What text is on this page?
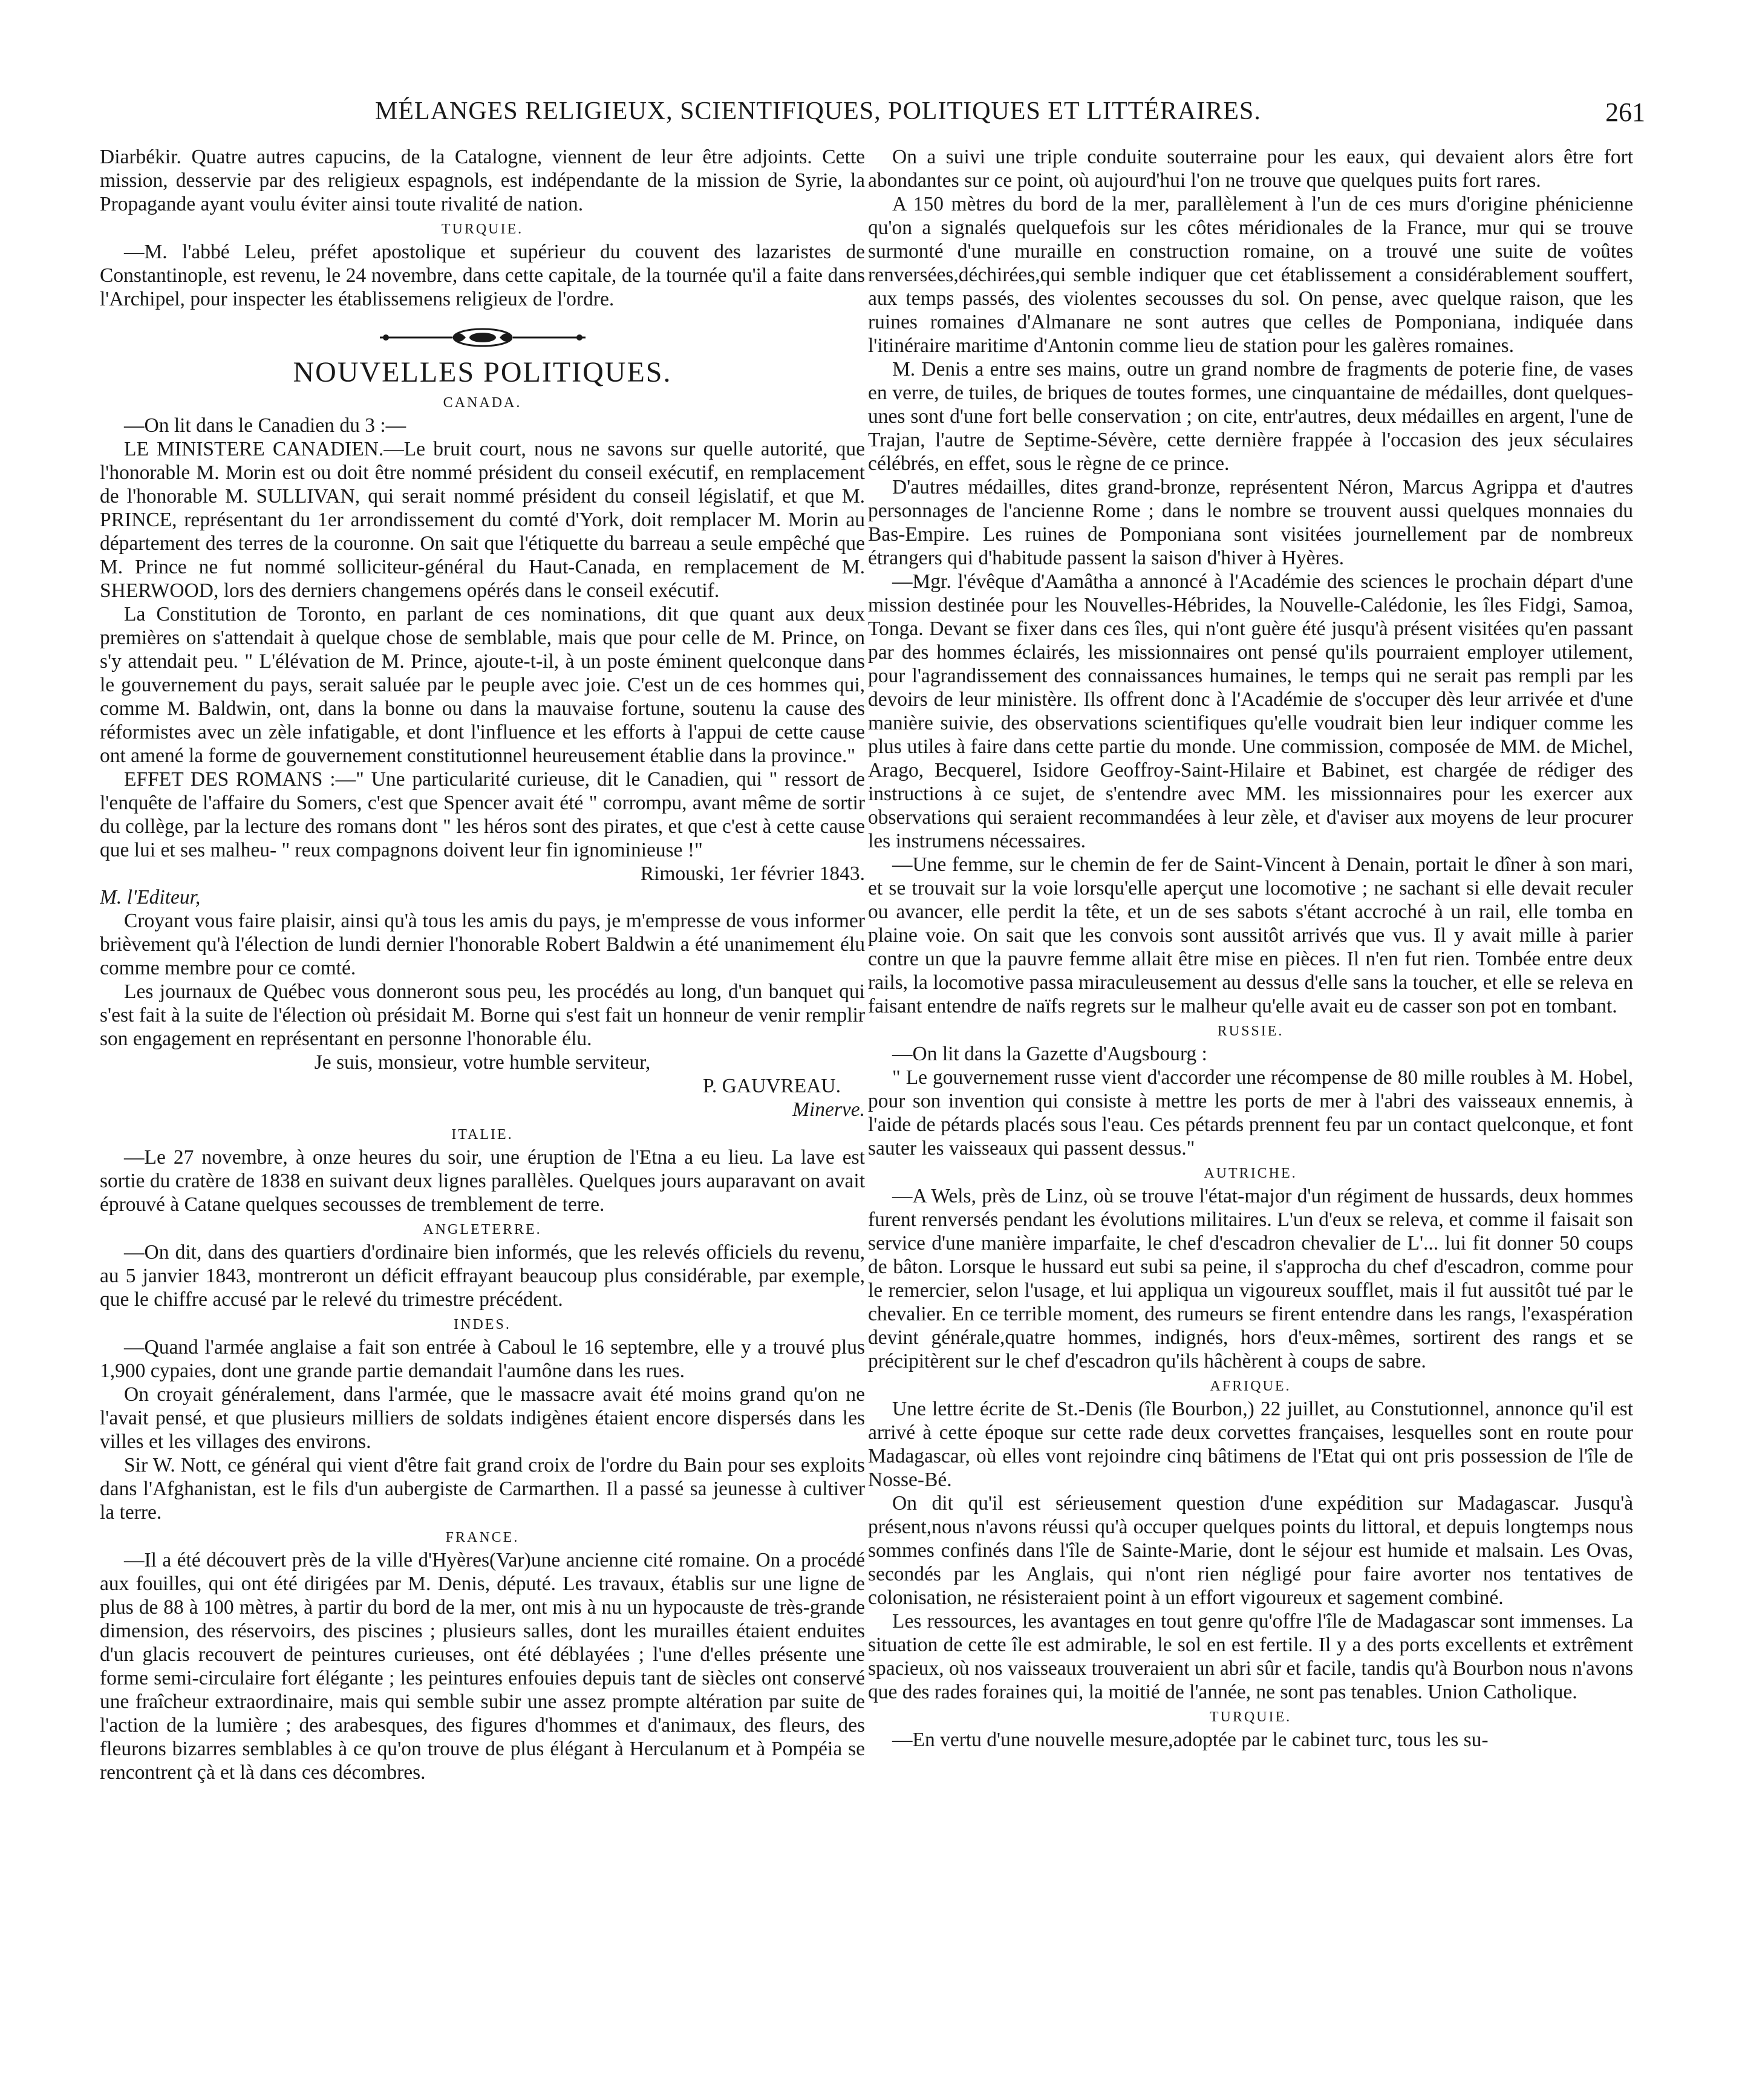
MÉLANGES RELIGIEUX, SCIENTIFIQUES, POLITIQUES ET LITTÉRAIRES.	261

Diarbékir. Quatre autres capucins, de la Catalogne, viennent de leur être adjoints. Cette mission, desservie par des religieux espagnols, est indépendante de la mission de Syrie, la Propagande ayant voulu éviter ainsi toute rivalité de nation.

TURQUIE.

—M. l'abbé Leleu, préfet apostolique et supérieur du couvent des lazaristes de Constantinople, est revenu, le 24 novembre, dans cette capitale, de la tournée qu'il a faite dans l'Archipel, pour inspecter les établissemens religieux de l'ordre.

NOUVELLES POLITIQUES.
CANADA.

—On lit dans le Canadien du 3 :—

LE MINISTERE CANADIEN.—Le bruit court, nous ne savons sur quelle autorité, que l'honorable M. Morin est ou doit être nommé président du conseil exécutif, en remplacement de l'honorable M. SULLIVAN, qui serait nommé président du conseil législatif, et que M. PRINCE, représentant du 1er arrondissement du comté d'York, doit remplacer M. Morin au département des terres de la couronne. On sait que l'étiquette du barreau a seule empêché que M. Prince ne fut nommé solliciteur-général du Haut-Canada, en remplacement de M. SHERWOOD, lors des derniers changemens opérés dans le conseil exécutif.

La Constitution de Toronto, en parlant de ces nominations, dit que quant aux deux premières on s'attendait à quelque chose de semblable, mais que pour celle de M. Prince, on s'y attendait peu. " L'élévation de M. Prince, ajoute-t-il, à un poste éminent quelconque dans le gouvernement du pays, serait saluée par le peuple avec joie. C'est un de ces hommes qui, comme M. Baldwin, ont, dans la bonne ou dans la mauvaise fortune, soutenu la cause des réformistes avec un zèle infatigable, et dont l'influence et les efforts à l'appui de cette cause ont amené la forme de gouvernement constitutionnel heureusement établie dans la province."

EFFET DES ROMANS :—" Une particularité curieuse, dit le Canadien, qui " ressort de l'enquête de l'affaire du Somers, c'est que Spencer avait été " corrompu, avant même de sortir du collège, par la lecture des romans dont " les héros sont des pirates, et que c'est à cette cause que lui et ses malheu- " reux compagnons doivent leur fin ignominieuse !"

Rimouski, 1er février 1843.

M. l'Editeur,

Croyant vous faire plaisir, ainsi qu'à tous les amis du pays, je m'empresse de vous informer brièvement qu'à l'élection de lundi dernier l'honorable Robert Baldwin a été unanimement élu comme membre pour ce comté.

Les journaux de Québec vous donneront sous peu, les procédés au long, d'un banquet qui s'est fait à la suite de l'élection où présidait M. Borne qui s'est fait un honneur de venir remplir son engagement en représentant en personne l'honorable élu.

Je suis, monsieur, votre humble serviteur,

P. GAUVREAU.

Minerve.

ITALIE.

—Le 27 novembre, à onze heures du soir, une éruption de l'Etna a eu lieu. La lave est sortie du cratère de 1838 en suivant deux lignes parallèles. Quelques jours auparavant on avait éprouvé à Catane quelques secousses de tremblement de terre.

ANGLETERRE.

—On dit, dans des quartiers d'ordinaire bien informés, que les relevés officiels du revenu, au 5 janvier 1843, montreront un déficit effrayant beaucoup plus considérable, par exemple, que le chiffre accusé par le relevé du trimestre précédent.

INDES.

—Quand l'armée anglaise a fait son entrée à Caboul le 16 septembre, elle y a trouvé plus 1,900 cypaies, dont une grande partie demandait l'aumône dans les rues.

On croyait généralement, dans l'armée, que le massacre avait été moins grand qu'on ne l'avait pensé, et que plusieurs milliers de soldats indigènes étaient encore dispersés dans les villes et les villages des environs.

Sir W. Nott, ce général qui vient d'être fait grand croix de l'ordre du Bain pour ses exploits dans l'Afghanistan, est le fils d'un aubergiste de Carmarthen. Il a passé sa jeunesse à cultiver la terre.

FRANCE.

—Il a été découvert près de la ville d'Hyères(Var)une ancienne cité romaine. On a procédé aux fouilles, qui ont été dirigées par M. Denis, député. Les travaux, établis sur une ligne de plus de 88 à 100 mètres, à partir du bord de la mer, ont mis à nu un hypocauste de très-grande dimension, des réservoirs, des piscines ; plusieurs salles, dont les murailles étaient enduites d'un glacis recouvert de peintures curieuses, ont été déblayées ; l'une d'elles présente une forme semi-circulaire fort élégante ; les peintures enfouies depuis tant de siècles ont conservé une fraîcheur extraordinaire, mais qui semble subir une assez prompte altération par suite de l'action de la lumière ; des arabesques, des figures d'hommes et d'animaux, des fleurs, des fleurons bizarres semblables à ce qu'on trouve de plus élégant à Herculanum et à Pompéia se rencontrent çà et là dans ces décombres.

On a suivi une triple conduite souterraine pour les eaux, qui devaient alors être fort abondantes sur ce point, où aujourd'hui l'on ne trouve que quelques puits fort rares.

A 150 mètres du bord de la mer, parallèlement à l'un de ces murs d'origine phénicienne qu'on a signalés quelquefois sur les côtes méridionales de la France, mur qui se trouve surmonté d'une muraille en construction romaine, on a trouvé une suite de voûtes renversées,déchirées,qui semble indiquer que cet établissement a considérablement souffert, aux temps passés, des violentes secousses du sol. On pense, avec quelque raison, que les ruines romaines d'Almanare ne sont autres que celles de Pomponiana, indiquée dans l'itinéraire maritime d'Antonin comme lieu de station pour les galères romaines.

M. Denis a entre ses mains, outre un grand nombre de fragments de poterie fine, de vases en verre, de tuiles, de briques de toutes formes, une cinquantaine de médailles, dont quelques-unes sont d'une fort belle conservation ; on cite, entr'autres, deux médailles en argent, l'une de Trajan, l'autre de Septime-Sévère, cette dernière frappée à l'occasion des jeux séculaires célébrés, en effet, sous le règne de ce prince.

D'autres médailles, dites grand-bronze, représentent Néron, Marcus Agrippa et d'autres personnages de l'ancienne Rome ; dans le nombre se trouvent aussi quelques monnaies du Bas-Empire. Les ruines de Pomponiana sont visitées journellement par de nombreux étrangers qui d'habitude passent la saison d'hiver à Hyères.

—Mgr. l'évêque d'Aamâtha a annoncé à l'Académie des sciences le prochain départ d'une mission destinée pour les Nouvelles-Hébrides, la Nouvelle-Calédonie, les îles Fidgi, Samoa, Tonga. Devant se fixer dans ces îles, qui n'ont guère été jusqu'à présent visitées qu'en passant par des hommes éclairés, les missionnaires ont pensé qu'ils pourraient employer utilement, pour l'agrandissement des connaissances humaines, le temps qui ne serait pas rempli par les devoirs de leur ministère. Ils offrent donc à l'Académie de s'occuper dès leur arrivée et d'une manière suivie, des observations scientifiques qu'elle voudrait bien leur indiquer comme les plus utiles à faire dans cette partie du monde. Une commission, composée de MM. de Michel, Arago, Becquerel, Isidore Geoffroy-Saint-Hilaire et Babinet, est chargée de rédiger des instructions à ce sujet, de s'entendre avec MM. les missionnaires pour les exercer aux observations qui seraient recommandées à leur zèle, et d'aviser aux moyens de leur procurer les instrumens nécessaires.

—Une femme, sur le chemin de fer de Saint-Vincent à Denain, portait le dîner à son mari, et se trouvait sur la voie lorsqu'elle aperçut une locomotive ; ne sachant si elle devait reculer ou avancer, elle perdit la tête, et un de ses sabots s'étant accroché à un rail, elle tomba en plaine voie. On sait que les convois sont aussitôt arrivés que vus. Il y avait mille à parier contre un que la pauvre femme allait être mise en pièces. Il n'en fut rien. Tombée entre deux rails, la locomotive passa miraculeusement au dessus d'elle sans la toucher, et elle se releva en faisant entendre de naïfs regrets sur le malheur qu'elle avait eu de casser son pot en tombant.

RUSSIE.

—On lit dans la Gazette d'Augsbourg :

" Le gouvernement russe vient d'accorder une récompense de 80 mille roubles à M. Hobel, pour son invention qui consiste à mettre les ports de mer à l'abri des vaisseaux ennemis, à l'aide de pétards placés sous l'eau. Ces pétards prennent feu par un contact quelconque, et font sauter les vaisseaux qui passent dessus."

AUTRICHE.

—A Wels, près de Linz, où se trouve l'état-major d'un régiment de hussards, deux hommes furent renversés pendant les évolutions militaires. L'un d'eux se releva, et comme il faisait son service d'une manière imparfaite, le chef d'escadron chevalier de L'... lui fit donner 50 coups de bâton. Lorsque le hussard eut subi sa peine, il s'approcha du chef d'escadron, comme pour le remercier, selon l'usage, et lui appliqua un vigoureux soufflet, mais il fut aussitôt tué par le chevalier. En ce terrible moment, des rumeurs se firent entendre dans les rangs, l'exaspération devint générale,quatre hommes, indignés, hors d'eux-mêmes, sortirent des rangs et se précipitèrent sur le chef d'escadron qu'ils hâchèrent à coups de sabre.

AFRIQUE.

Une lettre écrite de St.-Denis (île Bourbon,) 22 juillet, au Constutionnel, annonce qu'il est arrivé à cette époque sur cette rade deux corvettes françaises, lesquelles sont en route pour Madagascar, où elles vont rejoindre cinq bâtimens de l'Etat qui ont pris possession de l'île de Nosse-Bé.

On dit qu'il est sérieusement question d'une expédition sur Madagascar. Jusqu'à présent,nous n'avons réussi qu'à occuper quelques points du littoral, et depuis longtemps nous sommes confinés dans l'île de Sainte-Marie, dont le séjour est humide et malsain. Les Ovas, secondés par les Anglais, qui n'ont rien négligé pour faire avorter nos tentatives de colonisation, ne résisteraient point à un effort vigoureux et sagement combiné.

Les ressources, les avantages en tout genre qu'offre l'île de Madagascar sont immenses. La situation de cette île est admirable, le sol en est fertile. Il y a des ports excellents et extrêment spacieux, où nos vaisseaux trouveraient un abri sûr et facile, tandis qu'à Bourbon nous n'avons que des rades foraines qui, la moitié de l'année, ne sont pas tenables. Union Catholique.

TURQUIE.

—En vertu d'une nouvelle mesure,adoptée par le cabinet turc, tous les su-
